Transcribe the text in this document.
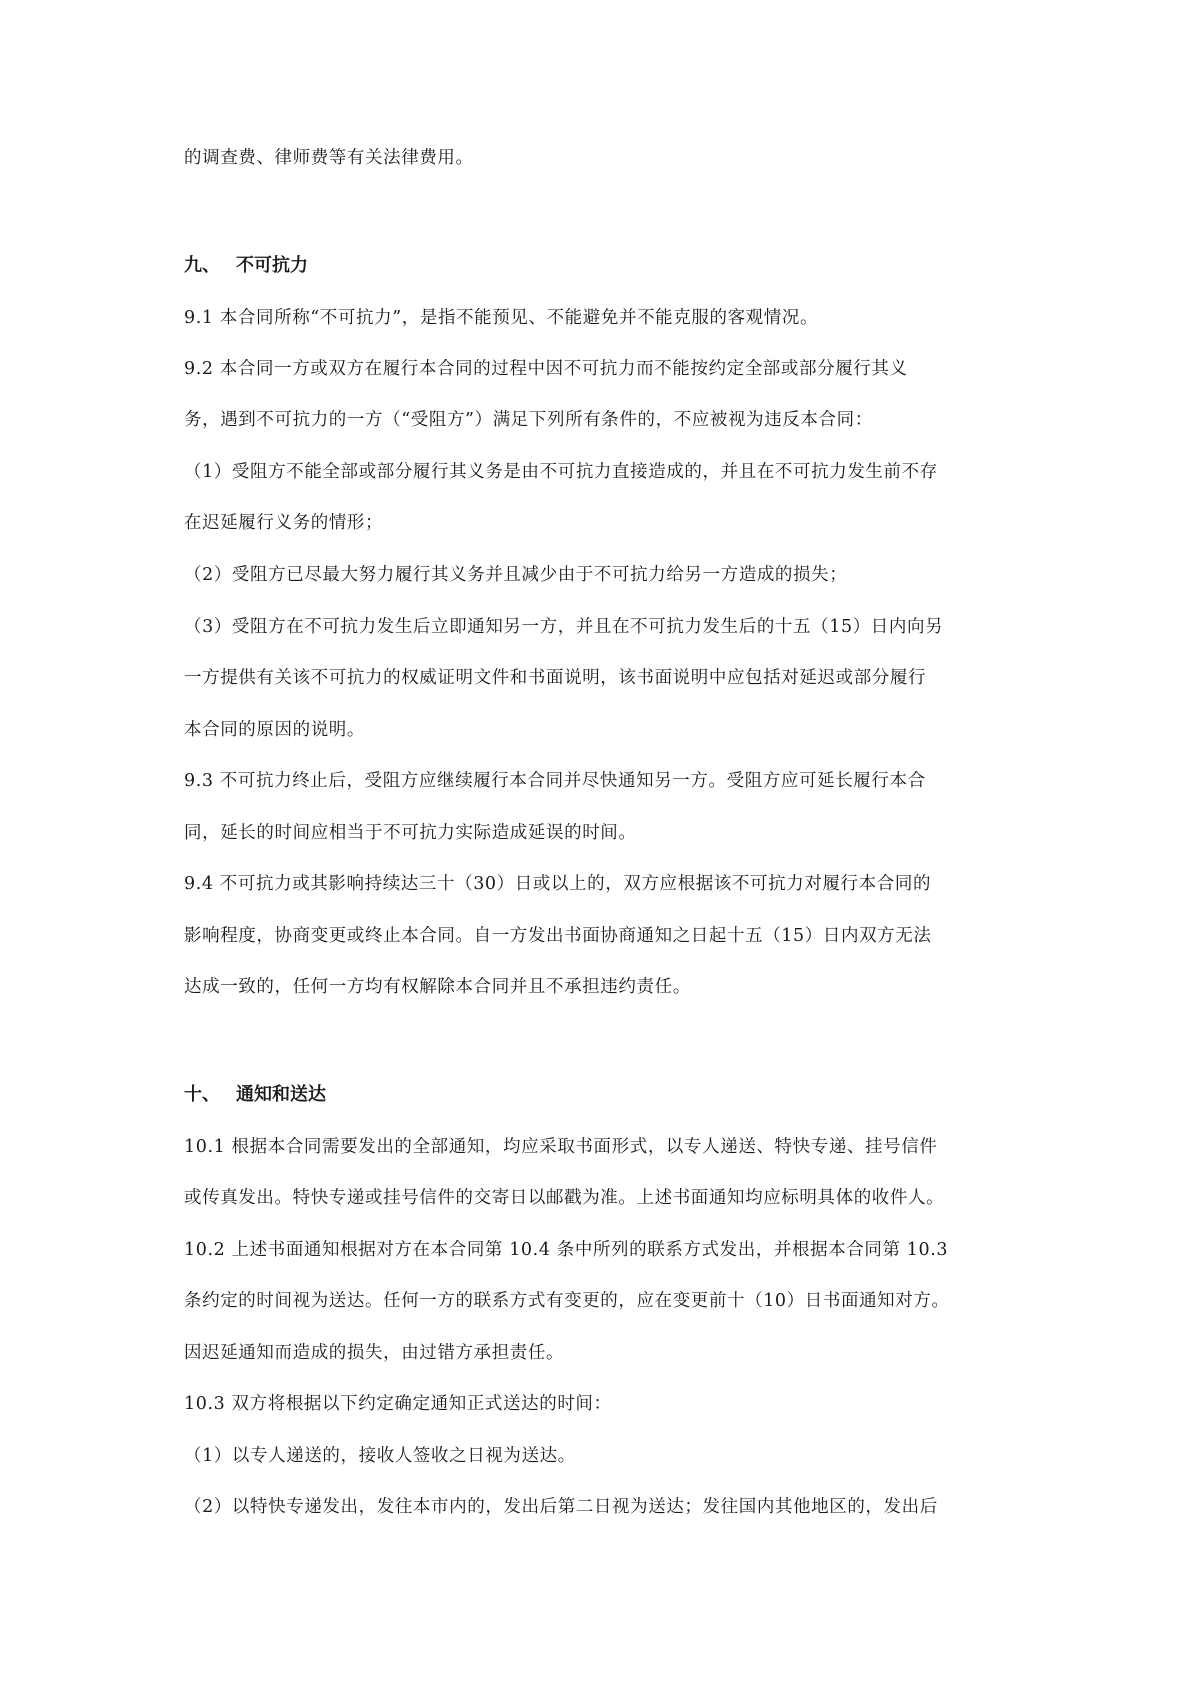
的调查费、律师费等有关法律费用。
九、 不可抗力
9.1 本合同所称“不可抗力”，是指不能预见、不能避免并不能克服的客观情况。
9.2 本合同一方或双方在履行本合同的过程中因不可抗力而不能按约定全部或部分履行其义
务，遇到不可抗力的一方（“受阻方”）满足下列所有条件的，不应被视为违反本合同：
（1）受阻方不能全部或部分履行其义务是由不可抗力直接造成的，并且在不可抗力发生前不存
在迟延履行义务的情形；
（2）受阻方已尽最大努力履行其义务并且减少由于不可抗力给另一方造成的损失；
（3）受阻方在不可抗力发生后立即通知另一方，并且在不可抗力发生后的十五（15）日内向另
一方提供有关该不可抗力的权威证明文件和书面说明，该书面说明中应包括对延迟或部分履行
本合同的原因的说明。
9.3 不可抗力终止后，受阻方应继续履行本合同并尽快通知另一方。受阻方应可延长履行本合
同，延长的时间应相当于不可抗力实际造成延误的时间。
9.4 不可抗力或其影响持续达三十（30）日或以上的，双方应根据该不可抗力对履行本合同的
影响程度，协商变更或终止本合同。自一方发出书面协商通知之日起十五（15）日内双方无法
达成一致的，任何一方均有权解除本合同并且不承担违约责任。
十、 通知和送达
10.1 根据本合同需要发出的全部通知，均应采取书面形式，以专人递送、特快专递、挂号信件
或传真发出。特快专递或挂号信件的交寄日以邮戳为准。上述书面通知均应标明具体的收件人。
10.2 上述书面通知根据对方在本合同第 10.4 条中所列的联系方式发出，并根据本合同第 10.3
条约定的时间视为送达。任何一方的联系方式有变更的，应在变更前十（10）日书面通知对方。
因迟延通知而造成的损失，由过错方承担责任。
10.3 双方将根据以下约定确定通知正式送达的时间：
（1）以专人递送的，接收人签收之日视为送达。
（2）以特快专递发出，发往本市内的，发出后第二日视为送达；发往国内其他地区的，发出后
